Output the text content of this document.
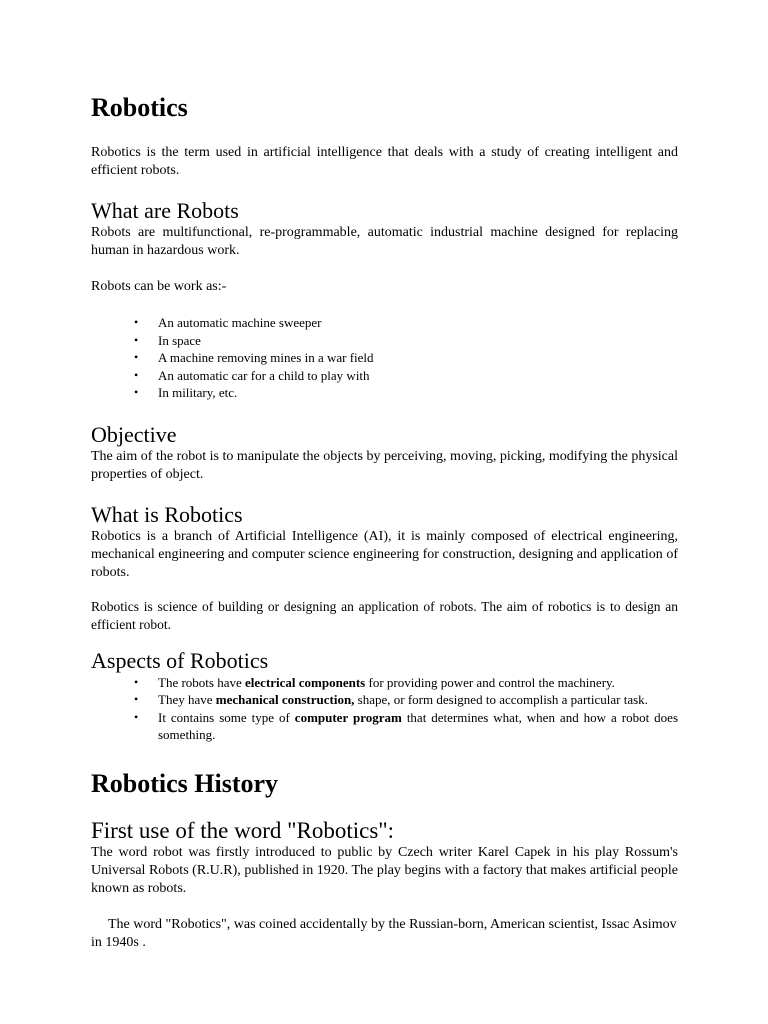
Robotics

Robotics is the term used in artificial intelligence that deals with a study of creating intelligent and efficient robots.

What are Robots

Robots are multifunctional, re-programmable, automatic industrial machine designed for replacing human in hazardous work.

Robots can be work as:-

• An automatic machine sweeper
• In space
• A machine removing mines in a war field
• An automatic car for a child to play with
• In military, etc.
Objective

The aim of the robot is to manipulate the objects by perceiving, moving, picking, modifying the physical properties of object.

What is Robotics

Robotics is a branch of Artificial Intelligence (AI), it is mainly composed of electrical engineering, mechanical engineering and computer science engineering for construction, designing and application of robots.

Robotics is science of building or designing an application of robots. The aim of robotics is to design an efficient robot.

Aspects of Robotics
• The robots have electrical components for providing power and control the machinery.
• They have mechanical construction, shape, or form designed to accomplish a particular task.
• It contains some type of computer program that determines what, when and how a robot does something.
Robotics History
First use of the word "Robotics":

The word robot was firstly introduced to public by Czech writer Karel Capek in his play Rossum's Universal Robots (R.U.R), published in 1920. The play begins with a factory that makes artificial people known as robots.

The word "Robotics", was coined accidentally by the Russian-born, American scientist, Issac Asimov in 1940s .
